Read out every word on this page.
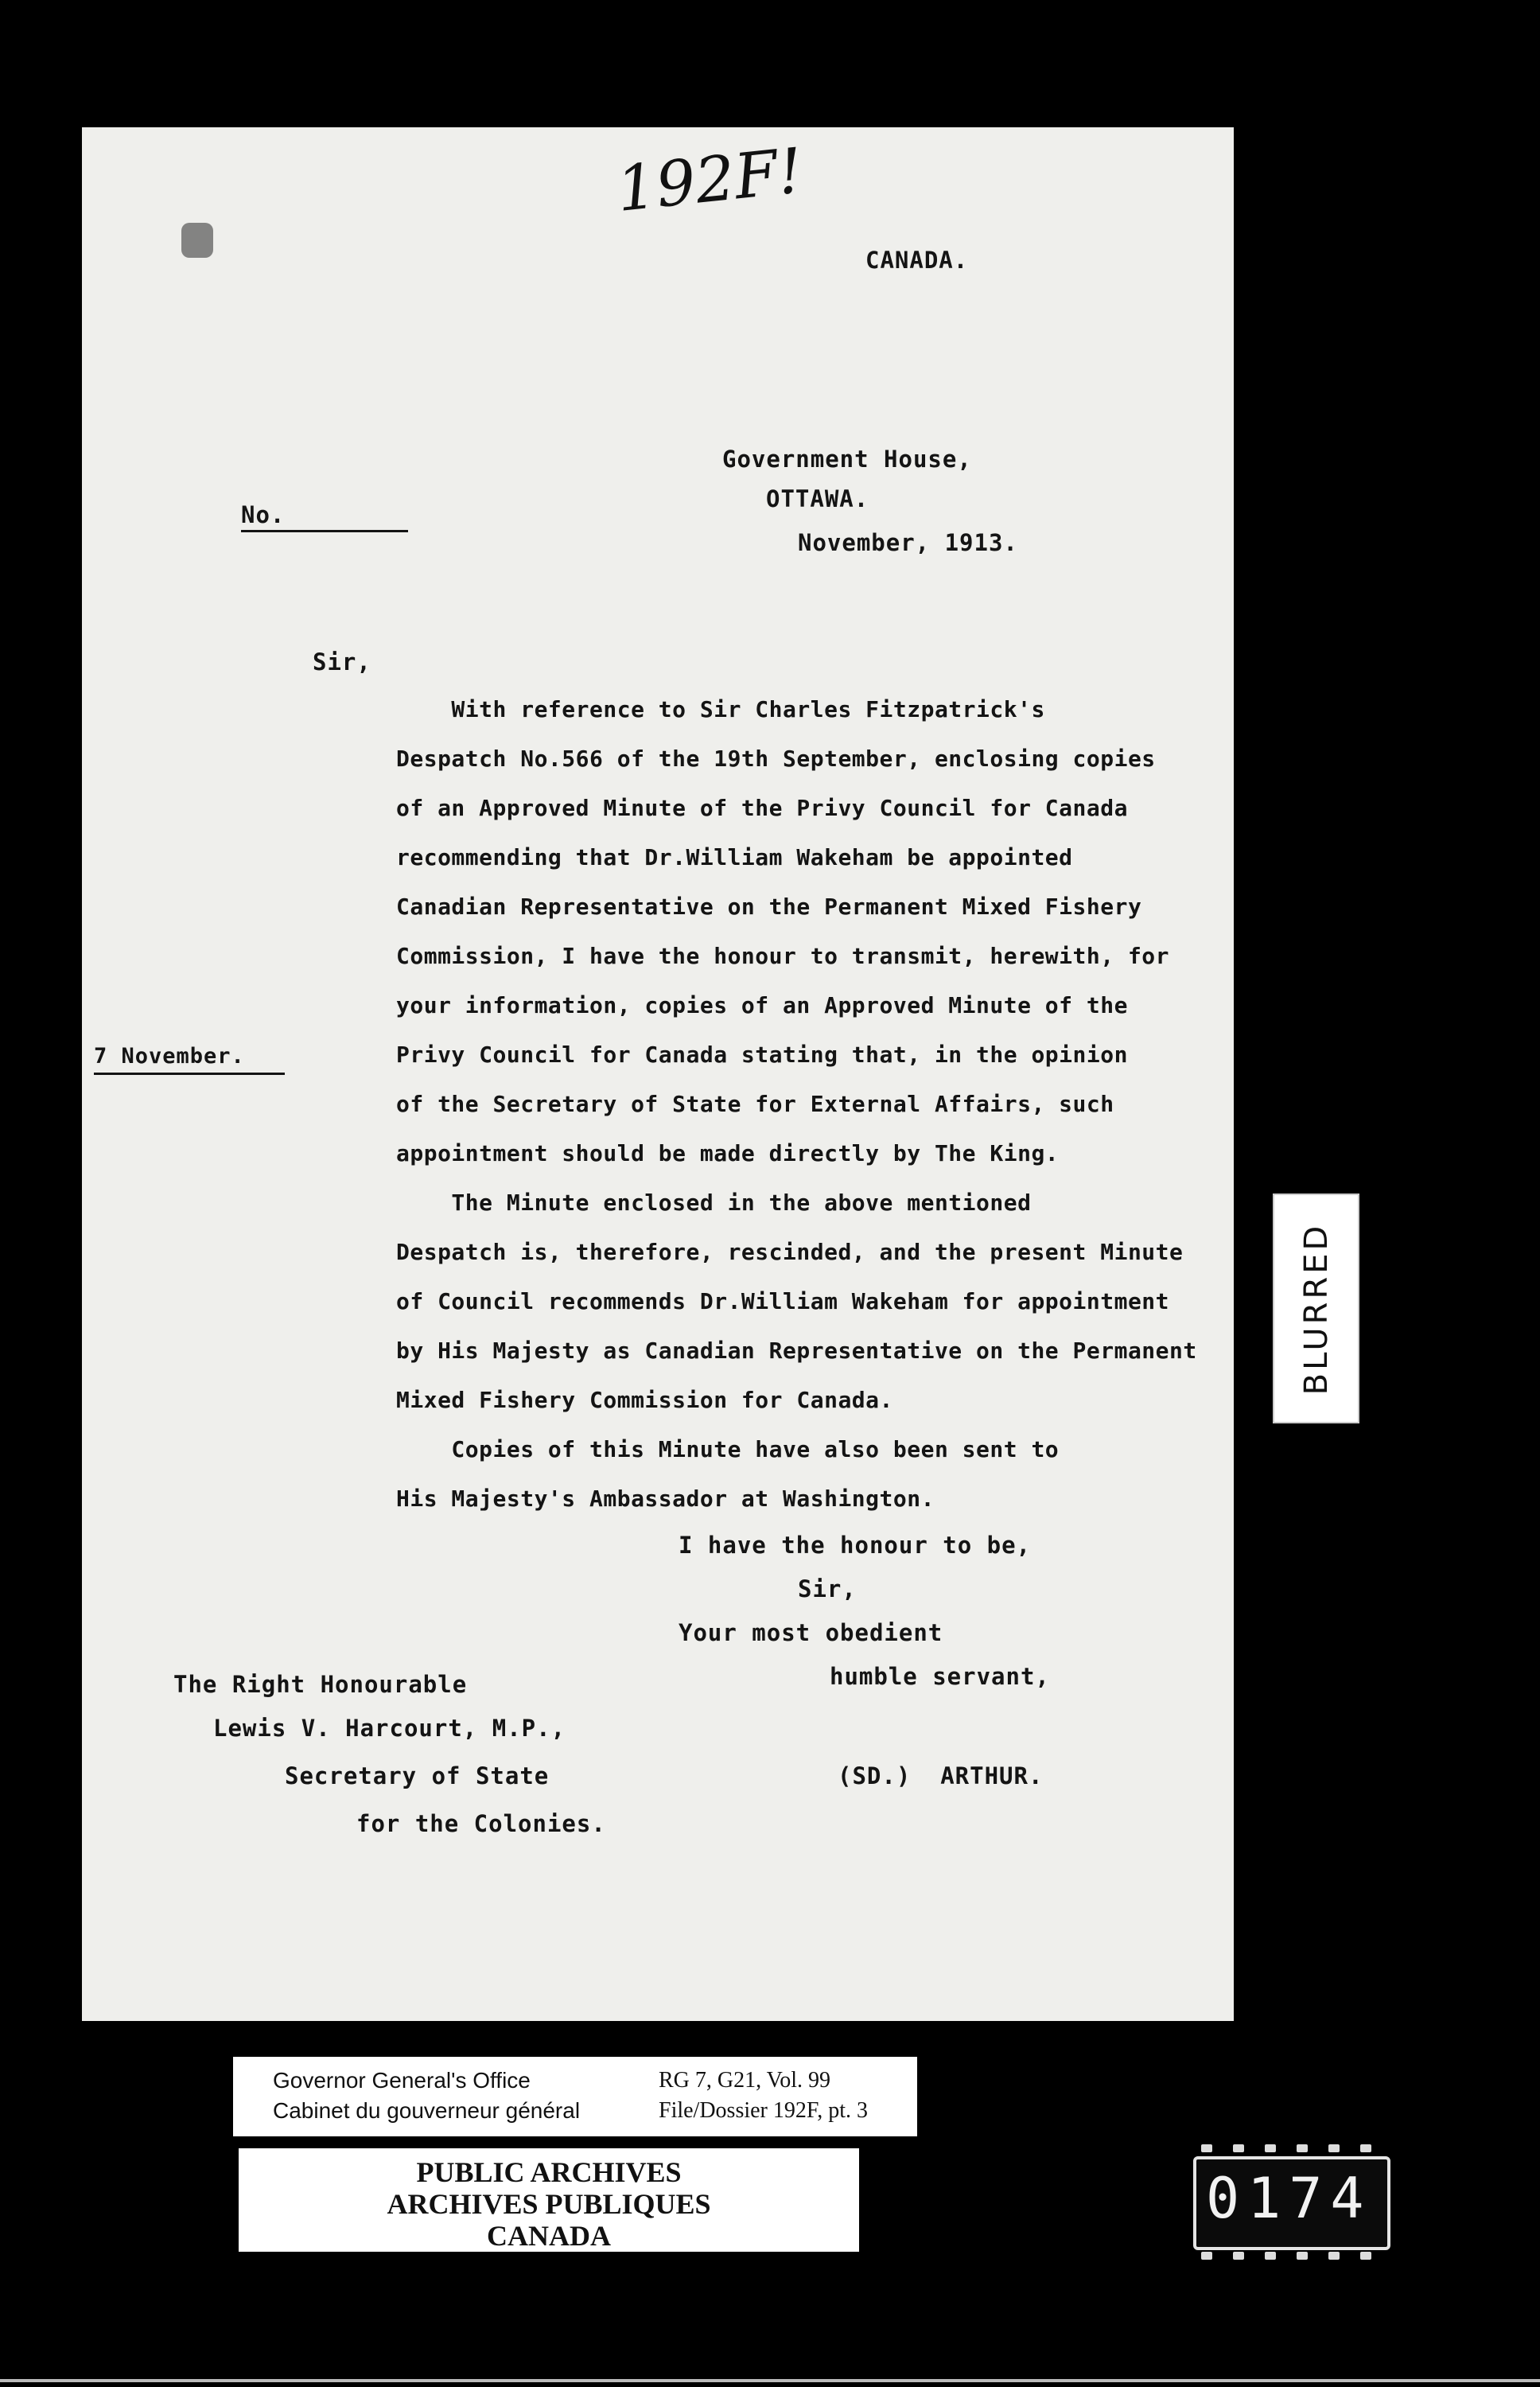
192F!
CANADA.
Government House,
OTTAWA.
November, 1913.
No.
Sir,
With reference to Sir Charles Fitzpatrick's
Despatch No.566 of the 19th September, enclosing copies
of an Approved Minute of the Privy Council for Canada
recommending that Dr.William Wakeham be appointed
Canadian Representative on the Permanent Mixed Fishery
Commission, I have the honour to transmit, herewith, for
your information, copies of an Approved Minute of the
Privy Council for Canada stating that, in the opinion
of the Secretary of State for External Affairs, such
appointment should be made directly by The King.
The Minute enclosed in the above mentioned
Despatch is, therefore, rescinded, and the present Minute
of Council recommends Dr.William Wakeham for appointment
by His Majesty as Canadian Representative on the Permanent
Mixed Fishery Commission for Canada.
Copies of this Minute have also been sent to
His Majesty's Ambassador at Washington.
7 November.
I have the honour to be,
Sir,
Your most obedient
humble servant,
(SD.)  ARTHUR.
The Right Honourable
Lewis V. Harcourt, M.P.,
Secretary of State
for the Colonies.
BLURRED
Governor General's Office
Cabinet du gouverneur général
RG 7, G21, Vol. 99
File/Dossier 192F, pt. 3
PUBLIC ARCHIVES
ARCHIVES PUBLIQUES
CANADA
0174
